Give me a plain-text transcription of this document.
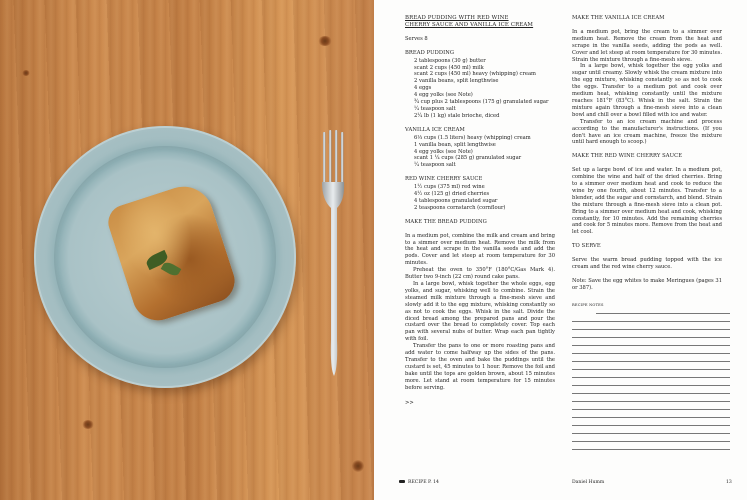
BREAD PUDDING WITH RED WINE
CHERRY SAUCE AND VANILLA ICE CREAM
Serves 8
BREAD PUDDING
2 tablespoons (30 g) butter
scant 2 cups (450 ml) milk
scant 2 cups (450 ml) heavy (whipping) cream
2 vanilla beans, split lengthwise
4 eggs
4 egg yolks (see Note)
¾ cup plus 2 tablespoons (175 g) granulated sugar
¼ teaspoon salt
2¼ lb (1 kg) stale brioche, diced
VANILLA ICE CREAM
6⅓ cups (1.5 liters) heavy (whipping) cream
1 vanilla bean, split lengthwise
4 egg yolks (see Note)
scant 1 ¼ cups (285 g) granulated sugar
¼ teaspoon salt
RED WINE CHERRY SAUCE
1½ cups (375 ml) red wine
4½ oz (125 g) dried cherries
4 tablespoons granulated sugar
2 teaspoons cornstarch (cornflour)
MAKE THE BREAD PUDDING
In a medium pot, combine the milk and cream and bring to a simmer over medium heat. Remove the milk from the heat and scrape in the vanilla seeds and add the pods. Cover and let steep at room temperature for 30 minutes.
Preheat the oven to 350°F (180°C/Gas Mark 4). Butter two 9-inch (22 cm) round cake pans.
In a large bowl, whisk together the whole eggs, egg yolks, and sugar, whisking well to combine. Strain the steamed milk mixture through a fine-mesh sieve and slowly add it to the egg mixture, whisking constantly so as not to cook the eggs. Whisk in the salt. Divide the diced bread among the prepared pans and pour the custard over the bread to completely cover. Top each pan with several nubs of butter. Wrap each pan tightly with foil.
Transfer the pans to one or more roasting pans and add water to come halfway up the sides of the pans. Transfer to the oven and bake the puddings until the custard is set, 45 minutes to 1 hour. Remove the foil and bake until the tops are golden brown, about 15 minutes more. Let stand at room temperature for 15 minutes before serving.
>>
MAKE THE VANILLA ICE CREAM
In a medium pot, bring the cream to a simmer over medium heat. Remove the cream from the heat and scrape in the vanilla seeds, adding the pods as well. Cover and let steep at room temperature for 30 minutes. Strain the mixture through a fine-mesh sieve.
In a large bowl, whisk together the egg yolks and sugar until creamy. Slowly whisk the cream mixture into the egg mixture, whisking constantly so as not to cook the eggs. Transfer to a medium pot and cook over medium heat, whisking constantly until the mixture reaches 181°F (83°C). Whisk in the salt. Strain the mixture again through a fine-mesh sieve into a clean bowl and chill over a bowl filled with ice and water.
Transfer to an ice cream machine and process according to the manufacturer's instructions. (If you don't have an ice cream machine, freeze the mixture until hard enough to scoop.)
MAKE THE RED WINE CHERRY SAUCE
Set up a large bowl of ice and water. In a medium pot, combine the wine and half of the dried cherries. Bring to a simmer over medium heat and cook to reduce the wine by one fourth, about 12 minutes. Transfer to a blender, add the sugar and cornstarch, and blend. Strain the mixture through a fine-mesh sieve into a clean pot. Bring to a simmer over medium heat and cook, whisking constantly, for 10 minutes. Add the remaining cherries and cook for 5 minutes more. Remove from the heat and let cool.
TO SERVE
Serve the warm bread pudding topped with the ice cream and the red wine cherry sauce.
Note: Save the egg whites to make Meringues (pages 31 or 387).
RECIPE NOTES
RECIPE P. 14	Daniel Humm	13
